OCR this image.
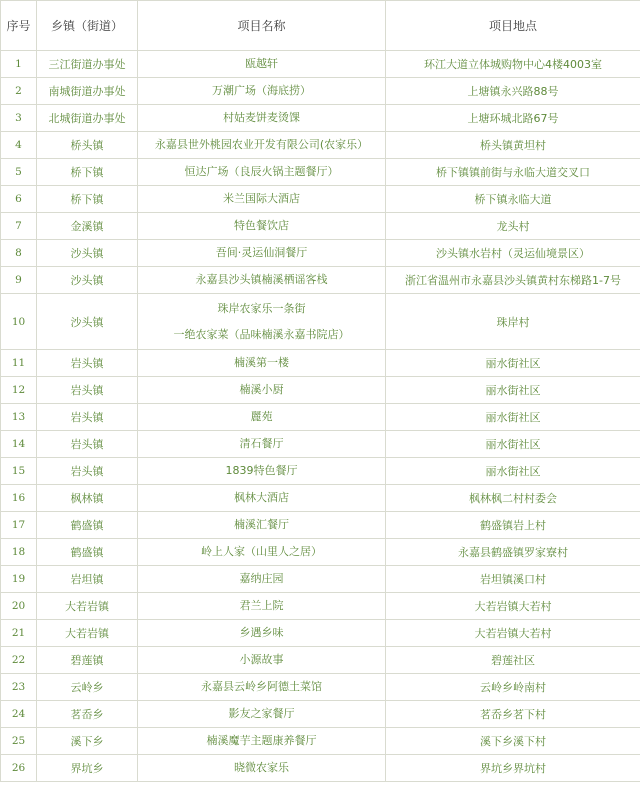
序号	乡镇（街道）	项目名称	项目地点
1	三江街道办事处	瓯越轩	环江大道立体城购物中心4楼4003室
2	南城街道办事处	万潮广场（海底捞）	上塘镇永兴路88号
3	北城街道办事处	村姑麦饼麦烫馃	上塘环城北路67号
4	桥头镇	永嘉县世外桃园农业开发有限公司(农家乐）	桥头镇黄坦村
5	桥下镇	恒达广场（良辰火锅主题餐厅）	桥下镇镇前街与永临大道交叉口
6	桥下镇	米兰国际大酒店	桥下镇永临大道
7	金溪镇	特色餐饮店	龙头村
8	沙头镇	吾间·灵运仙洞餐厅	沙头镇水岩村（灵运仙境景区）
9	沙头镇	永嘉县沙头镇楠溪栖谣客栈	浙江省温州市永嘉县沙头镇黄村东梯路1-7号
10	沙头镇	珠岸农家乐一条街
一绝农家菜（品味楠溪永嘉书院店）	珠岸村
11	岩头镇	楠溪第一楼	丽水街社区
12	岩头镇	楠溪小厨	丽水街社区
13	岩头镇	麗苑	丽水街社区
14	岩头镇	清石餐厅	丽水街社区
15	岩头镇	1839特色餐厅	丽水街社区
16	枫林镇	枫林大酒店	枫林枫二村村委会
17	鹤盛镇	楠溪汇餐厅	鹤盛镇岩上村
18	鹤盛镇	岭上人家（山里人之居）	永嘉县鹤盛镇罗家寮村
19	岩坦镇	嘉纳庄园	岩坦镇溪口村
20	大若岩镇	君兰上院	大若岩镇大若村
21	大若岩镇	乡遇乡味	大若岩镇大若村
22	碧莲镇	小源故事	碧莲社区
23	云岭乡	永嘉县云岭乡阿德土菜馆	云岭乡岭南村
24	茗岙乡	影友之家餐厅	茗岙乡茗下村
25	溪下乡	楠溪魔芋主题康养餐厅	溪下乡溪下村
26	界坑乡	晓微农家乐	界坑乡界坑村
